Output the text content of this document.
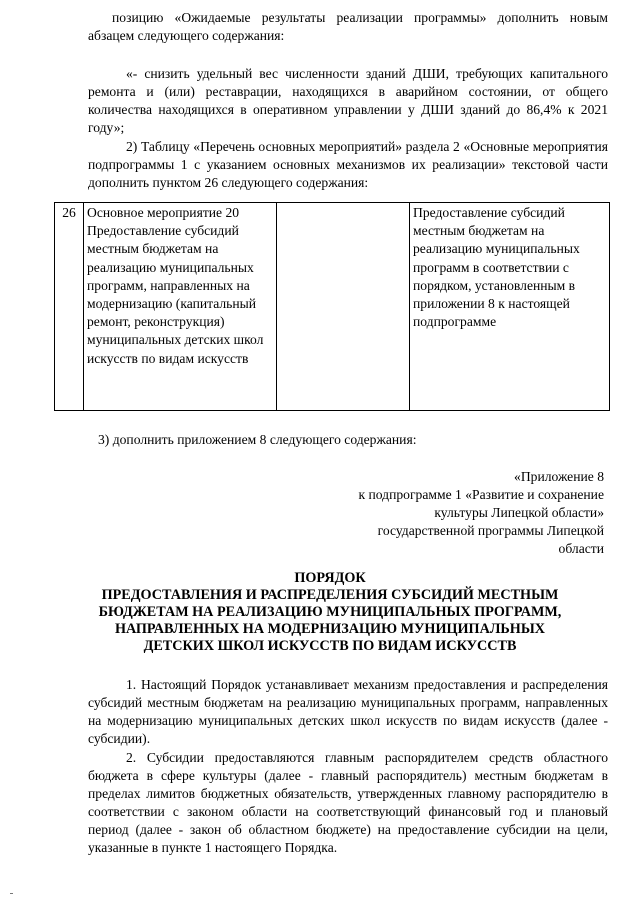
позицию «Ожидаемые результаты реализации программы» дополнить новым абзацем следующего содержания:

«- снизить удельный вес численности зданий ДШИ, требующих капитального ремонта и (или) реставрации, находящихся в аварийном состоянии, от общего количества находящихся в оперативном управлении у ДШИ зданий до 86,4% к 2021 году»;

2) Таблицу «Перечень основных мероприятий» раздела 2 «Основные мероприятия подпрограммы 1 с указанием основных механизмов их реализации» текстовой части дополнить пунктом 26 следующего содержания:

26	Основное мероприятие 20 Предоставление субсидий местным бюджетам на реализацию муниципальных программ, направленных на модернизацию (капитальный ремонт, реконструкция) муниципальных детских школ искусств по видам искусств		Предоставление субсидий местным бюджетам на реализацию муниципальных программ в соответствии с порядком, установленным в приложении 8 к настоящей подпрограмме

3) дополнить приложением 8 следующего содержания:

«Приложение 8
к подпрограмме 1 «Развитие и сохранение
культуры Липецкой области»
государственной программы Липецкой
области
ПОРЯДОК
ПРЕДОСТАВЛЕНИЯ И РАСПРЕДЕЛЕНИЯ СУБСИДИЙ МЕСТНЫМ
БЮДЖЕТАМ НА РЕАЛИЗАЦИЮ МУНИЦИПАЛЬНЫХ ПРОГРАММ,
НАПРАВЛЕННЫХ НА МОДЕРНИЗАЦИЮ МУНИЦИПАЛЬНЫХ
ДЕТСКИХ ШКОЛ ИСКУССТВ ПО ВИДАМ ИСКУССТВ

1. Настоящий Порядок устанавливает механизм предоставления и распределения субсидий местным бюджетам на реализацию муниципальных программ, направленных на модернизацию муниципальных детских школ искусств по видам искусств (далее - субсидии).

2. Субсидии предоставляются главным распорядителем средств областного бюджета в сфере культуры (далее - главный распорядитель) местным бюджетам в пределах лимитов бюджетных обязательств, утвержденных главному распорядителю в соответствии с законом области на соответствующий финансовый год и плановый период (далее - закон об областном бюджете) на предоставление субсидии на цели, указанные в пункте 1 настоящего Порядка.
